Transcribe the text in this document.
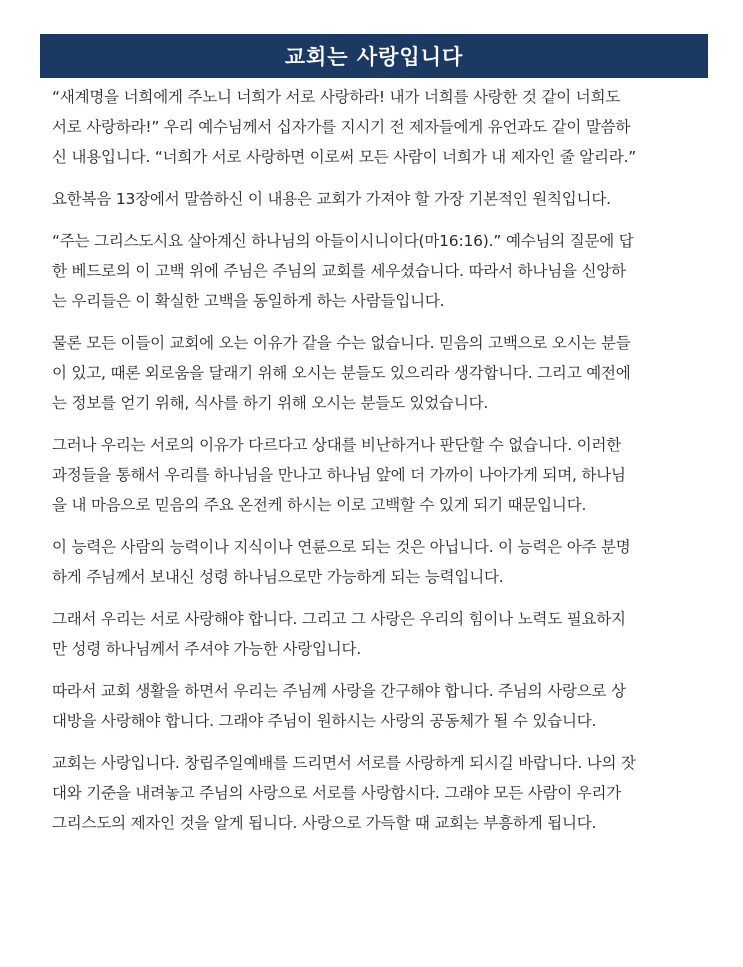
교회는 사랑입니다

“새계명을 너희에게 주노니 너희가 서로 사랑하라! 내가 너희를 사랑한 것 같이 너희도
서로 사랑하라!” 우리 예수님께서 십자가를 지시기 전 제자들에게 유언과도 같이 말씀하
신 내용입니다. “너희가 서로 사랑하면 이로써 모든 사람이 너희가 내 제자인 줄 알리라.”

요한복음 13장에서 말씀하신 이 내용은 교회가 가져야 할 가장 기본적인 원칙입니다.

“주는 그리스도시요 살아계신 하나님의 아들이시니이다(마16:16).” 예수님의 질문에 답
한 베드로의 이 고백 위에 주님은 주님의 교회를 세우셨습니다. 따라서 하나님을 신앙하
는 우리들은 이 확실한 고백을 동일하게 하는 사람들입니다.

물론 모든 이들이 교회에 오는 이유가 같을 수는 없습니다. 믿음의 고백으로 오시는 분들
이 있고, 때론 외로움을 달래기 위해 오시는 분들도 있으리라 생각합니다. 그리고 예전에
는 정보를 얻기 위해, 식사를 하기 위해 오시는 분들도 있었습니다.

그러나 우리는 서로의 이유가 다르다고 상대를 비난하거나 판단할 수 없습니다. 이러한
과정들을 통해서 우리를 하나님을 만나고 하나님 앞에 더 가까이 나아가게 되며, 하나님
을 내 마음으로 믿음의 주요 온전케 하시는 이로 고백할 수 있게 되기 때문입니다.

이 능력은 사람의 능력이나 지식이나 연륜으로 되는 것은 아닙니다. 이 능력은 아주 분명
하게 주님께서 보내신 성령 하나님으로만 가능하게 되는 능력입니다.

그래서 우리는 서로 사랑해야 합니다. 그리고 그 사랑은 우리의 힘이나 노력도 필요하지
만 성령 하나님께서 주셔야 가능한 사랑입니다.

따라서 교회 생활을 하면서 우리는 주님께 사랑을 간구해야 합니다. 주님의 사랑으로 상
대방을 사랑해야 합니다. 그래야 주님이 원하시는 사랑의 공동체가 될 수 있습니다.

교회는 사랑입니다. 창립주일예배를 드리면서 서로를 사랑하게 되시길 바랍니다. 나의 잣
대와 기준을 내려놓고 주님의 사랑으로 서로를 사랑합시다. 그래야 모든 사람이 우리가
그리스도의 제자인 것을 알게 됩니다. 사랑으로 가득할 때 교회는 부흥하게 됩니다.
